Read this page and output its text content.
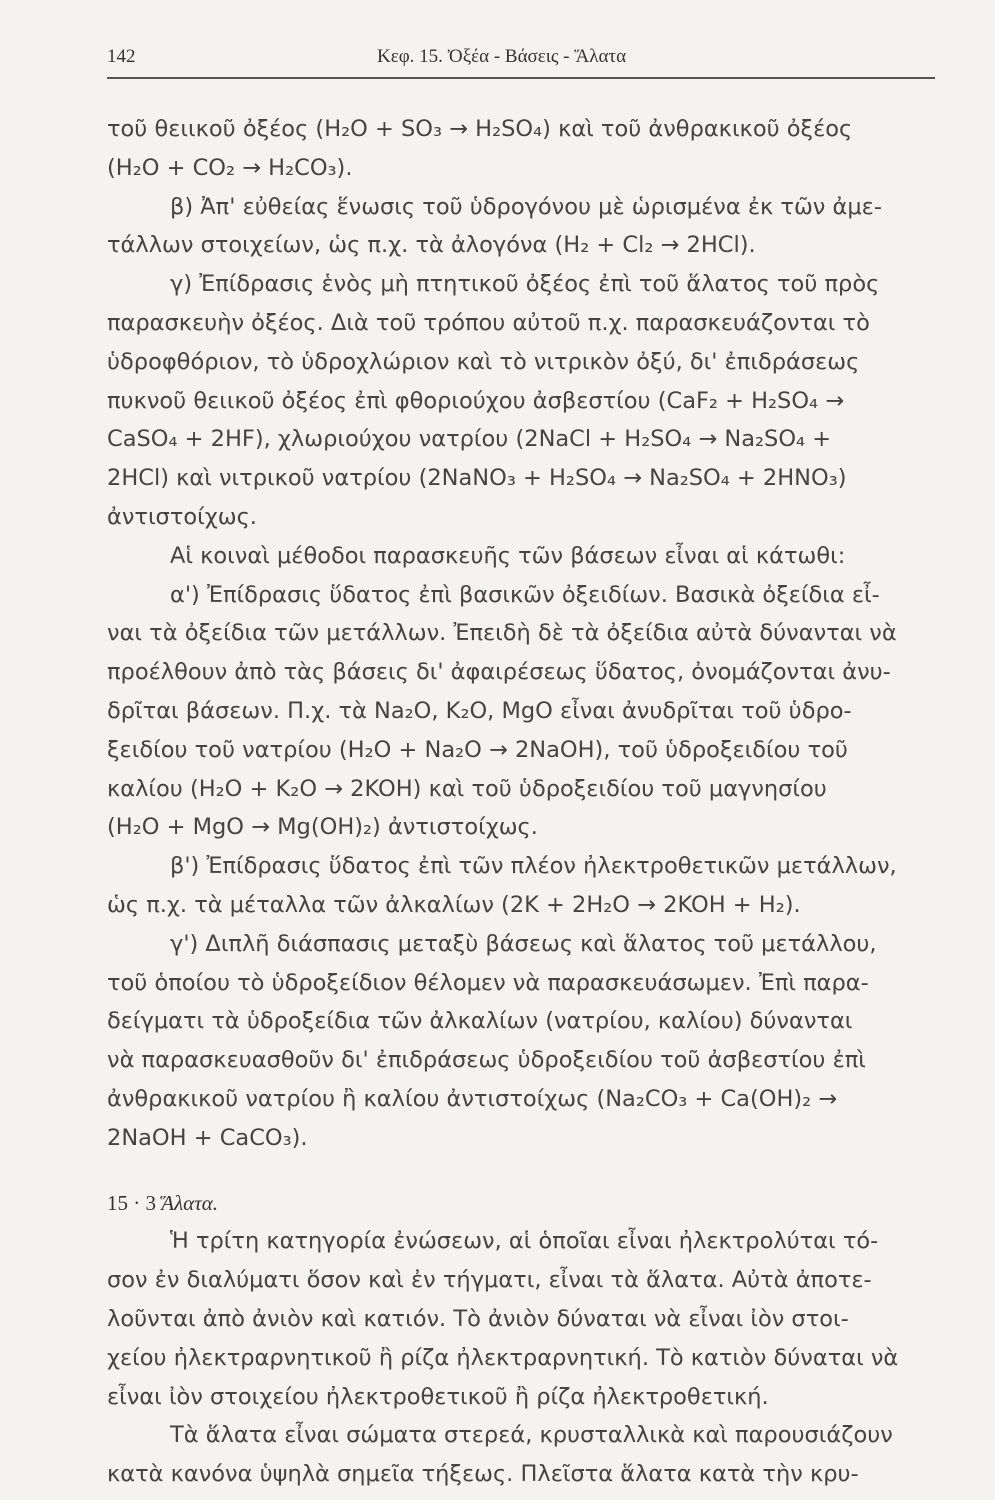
142	Κεφ. 15. Ὀξέα - Βάσεις - Ἅλατα
τοῦ θειικοῦ ὀξέος (H₂O + SO₃ → H₂SO₄) καὶ τοῦ ἀνθρακικοῦ ὀξέος
(H₂O + CO₂ → H₂CO₃).
β) Ἀπ' εὐθείας ἕνωσις τοῦ ὑδρογόνου μὲ ὡρισμένα ἐκ τῶν ἀμε-
τάλλων στοιχείων, ὡς π.χ. τὰ ἀλογόνα (H₂ + Cl₂ → 2HCl).
γ) Ἐπίδρασις ἑνὸς μὴ πτητικοῦ ὀξέος ἐπὶ τοῦ ἅλατος τοῦ πρὸς
παρασκευὴν ὀξέος. Διὰ τοῦ τρόπου αὐτοῦ π.χ. παρασκευάζονται τὸ
ὑδροφθόριον, τὸ ὑδροχλώριον καὶ τὸ νιτρικὸν ὀξύ, δι' ἐπιδράσεως
πυκνοῦ θειικοῦ ὀξέος ἐπὶ φθοριούχου ἀσβεστίου (CaF₂ + H₂SO₄ →
CaSO₄ + 2HF), χλωριούχου νατρίου (2NaCl + H₂SO₄ → Na₂SO₄ +
2HCl) καὶ νιτρικοῦ νατρίου (2NaNO₃ + H₂SO₄ → Na₂SO₄ + 2HNO₃)
ἀντιστοίχως.
Αἱ κοιναὶ μέθοδοι παρασκευῆς τῶν βάσεων εἶναι αἱ κάτωθι:
α') Ἐπίδρασις ὕδατος ἐπὶ βασικῶν ὀξειδίων. Βασικὰ ὀξείδια εἶ-
ναι τὰ ὀξείδια τῶν μετάλλων. Ἐπειδὴ δὲ τὰ ὀξείδια αὐτὰ δύνανται νὰ
προέλθουν ἀπὸ τὰς βάσεις δι' ἀφαιρέσεως ὕδατος, ὀνομάζονται ἀνυ-
δρῖται βάσεων. Π.χ. τὰ Na₂O, K₂O, MgO εἶναι ἀνυδρῖται τοῦ ὑδρο-
ξειδίου τοῦ νατρίου (H₂O + Na₂O → 2NaOH), τοῦ ὑδροξειδίου τοῦ
καλίου (H₂O + K₂O → 2KOH) καὶ τοῦ ὑδροξειδίου τοῦ μαγνησίου
(H₂O + MgO → Mg(OH)₂) ἀντιστοίχως.
β') Ἐπίδρασις ὕδατος ἐπὶ τῶν πλέον ἠλεκτροθετικῶν μετάλλων,
ὡς π.χ. τὰ μέταλλα τῶν ἀλκαλίων (2K + 2H₂O → 2KOH + H₂).
γ') Διπλῆ διάσπασις μεταξὺ βάσεως καὶ ἅλατος τοῦ μετάλλου,
τοῦ ὁποίου τὸ ὑδροξείδιον θέλομεν νὰ παρασκευάσωμεν. Ἐπὶ παρα-
δείγματι τὰ ὑδροξείδια τῶν ἀλκαλίων (νατρίου, καλίου) δύνανται
νὰ παρασκευασθοῦν δι' ἐπιδράσεως ὑδροξειδίου τοῦ ἀσβεστίου ἐπὶ
ἀνθρακικοῦ νατρίου ἢ καλίου ἀντιστοίχως (Na₂CO₃ + Ca(OH)₂ →
2NaOH + CaCO₃).
15 · 3 Ἅλατα.
Ἡ τρίτη κατηγορία ἐνώσεων, αἱ ὁποῖαι εἶναι ἠλεκτρολύται τό-
σον ἐν διαλύματι ὅσον καὶ ἐν τήγματι, εἶναι τὰ ἅλατα. Αὐτὰ ἀποτε-
λοῦνται ἀπὸ ἀνιὸν καὶ κατιόν. Τὸ ἀνιὸν δύναται νὰ εἶναι ἰὸν στοι-
χείου ἠλεκτραρνητικοῦ ἢ ρίζα ἠλεκτραρνητική. Τὸ κατιὸν δύναται νὰ
εἶναι ἰὸν στοιχείου ἠλεκτροθετικοῦ ἢ ρίζα ἠλεκτροθετική.
Τὰ ἅλατα εἶναι σώματα στερεά, κρυσταλλικὰ καὶ παρουσιάζουν
κατὰ κανόνα ὑψηλὰ σημεῖα τήξεως. Πλεῖστα ἅλατα κατὰ τὴν κρυ-
